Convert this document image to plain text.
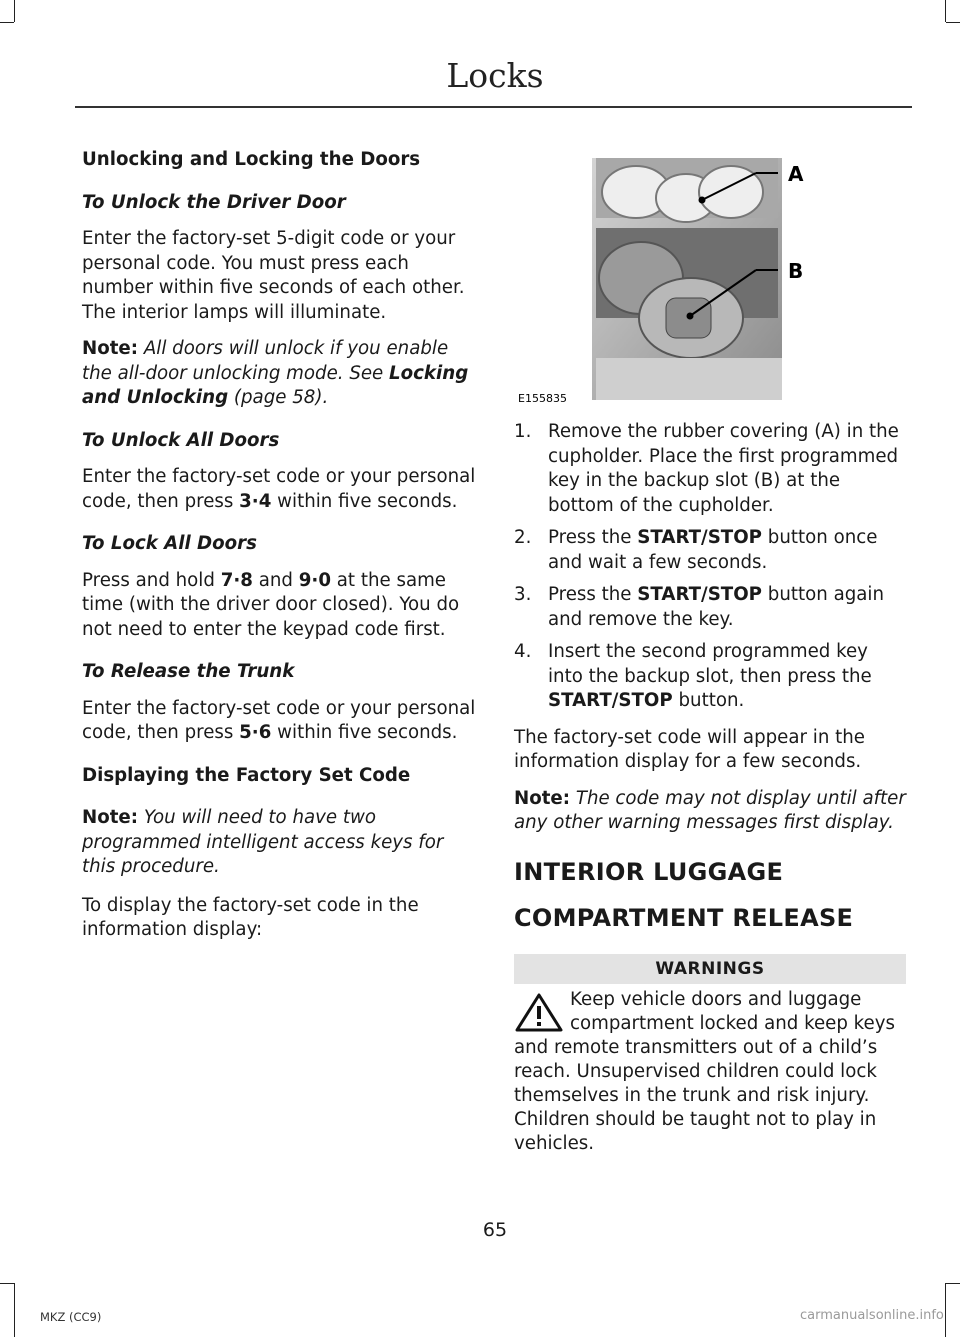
Locks

Unlocking and Locking the Doors

To Unlock the Driver Door

Enter the factory-set 5-digit code or your personal code. You must press each number within five seconds of each other. The interior lamps will illuminate.

Note: All doors will unlock if you enable the all-door unlocking mode. See Locking and Unlocking (page 58).

To Unlock All Doors

Enter the factory-set code or your personal code, then press 3·4 within five seconds.

To Lock All Doors

Press and hold 7·8 and 9·0 at the same time (with the driver door closed). You do not need to enter the keypad code first.

To Release the Trunk

Enter the factory-set code or your personal code, then press 5·6 within five seconds.

Displaying the Factory Set Code

Note: You will need to have two programmed intelligent access keys for this procedure.

To display the factory-set code in the information display:

A
B
E155835
1. Remove the rubber covering (A) in the cupholder. Place the first programmed key in the backup slot (B) at the bottom of the cupholder.
2. Press the START/STOP button once and wait a few seconds.
3. Press the START/STOP button again and remove the key.
4. Insert the second programmed key into the backup slot, then press the START/STOP button.

The factory-set code will appear in the information display for a few seconds.

Note: The code may not display until after any other warning messages first display.

INTERIOR LUGGAGE
COMPARTMENT RELEASE
WARNINGS
Keep vehicle doors and luggage compartment locked and keep keys and remote transmitters out of a child’s reach. Unsupervised children could lock themselves in the trunk and risk injury. Children should be taught not to play in vehicles.
65
MKZ (CC9)	carmanualsonline.info
